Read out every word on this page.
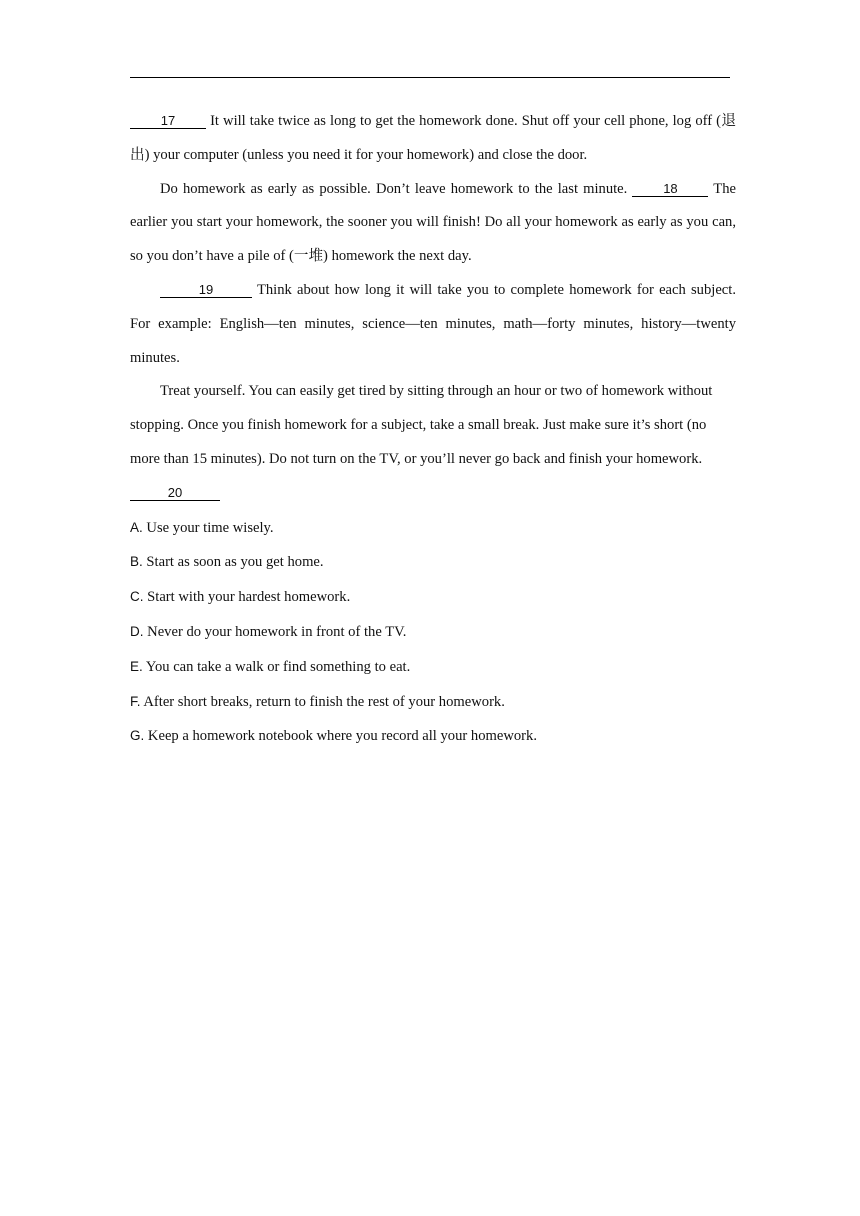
17 It will take twice as long to get the homework done. Shut off your cell phone, log off (退出) your computer (unless you need it for your homework) and close the door.

Do homework as early as possible. Don’t leave homework to the last minute.	18 The earlier you start your homework, the sooner you will finish! Do all your homework as early as you can, so you don’t have a pile of (一堆) homework the next day.

19	Think about how long it will take you to complete homework for each subject. For example: English—ten minutes, science—ten minutes, math—forty minutes, history—twenty minutes.

Treat yourself. You can easily get tired by sitting through an hour or two of homework without stopping. Once you finish homework for a subject, take a small break. Just make sure it’s short (no more than 15 minutes). Do not turn on the TV, or you’ll never go back and finish your homework. 20

A. Use your time wisely.

B. Start as soon as you get home.

C. Start with your hardest homework.

D. Never do your homework in front of the TV.

E. You can take a walk or find something to eat.

F. After short breaks, return to finish the rest of your homework.

G. Keep a homework notebook where you record all your homework.
